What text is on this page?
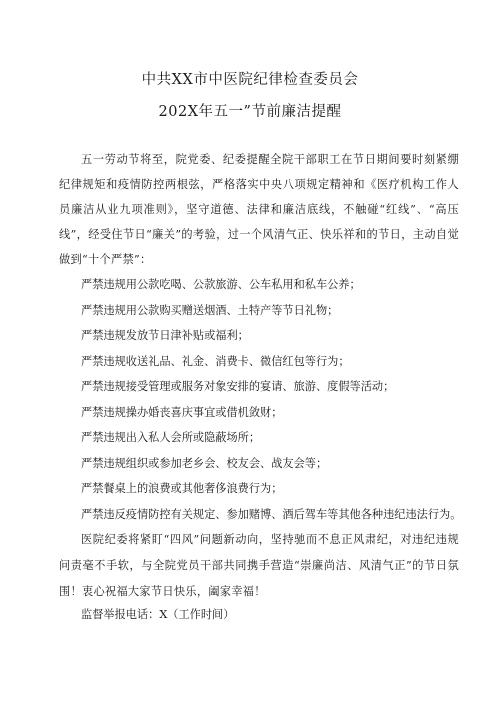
中共XX市中医院纪律检查委员会
202X年五一”节前廉洁提醒

五一劳动节将至，院党委、纪委提醒全院干部职工在节日期间要时刻紧绷纪律规矩和疫情防控两根弦，严格落实中央八项规定精神和《医疗机构工作人员廉洁从业九项准则》，坚守道德、法律和廉洁底线，不触碰“红线”、“高压线”，经受住节日“廉关”的考验，过一个风清气正、快乐祥和的节日，主动自觉做到“十个严禁”：

严禁违规用公款吃喝、公款旅游、公车私用和私车公养；

严禁违规用公款购买赠送烟酒、土特产等节日礼物；

严禁违规发放节日津补贴或福利；

严禁违规收送礼品、礼金、消费卡、微信红包等行为；

严禁违规接受管理或服务对象安排的宴请、旅游、度假等活动；

严禁违规操办婚丧喜庆事宜或借机敛财；

严禁违规出入私人会所或隐蔽场所；

严禁违规组织或参加老乡会、校友会、战友会等；

严禁餐桌上的浪费或其他奢侈浪费行为；

严禁违反疫情防控有关规定、参加赌博、酒后驾车等其他各种违纪违法行为。

医院纪委将紧盯“四风”问题新动向，坚持驰而不息正风肃纪，对违纪违规问责毫不手软，与全院党员干部共同携手营造“崇廉尚洁、风清气正”的节日氛围！衷心祝福大家节日快乐，阖家幸福！

监督举报电话：X（工作时间）
